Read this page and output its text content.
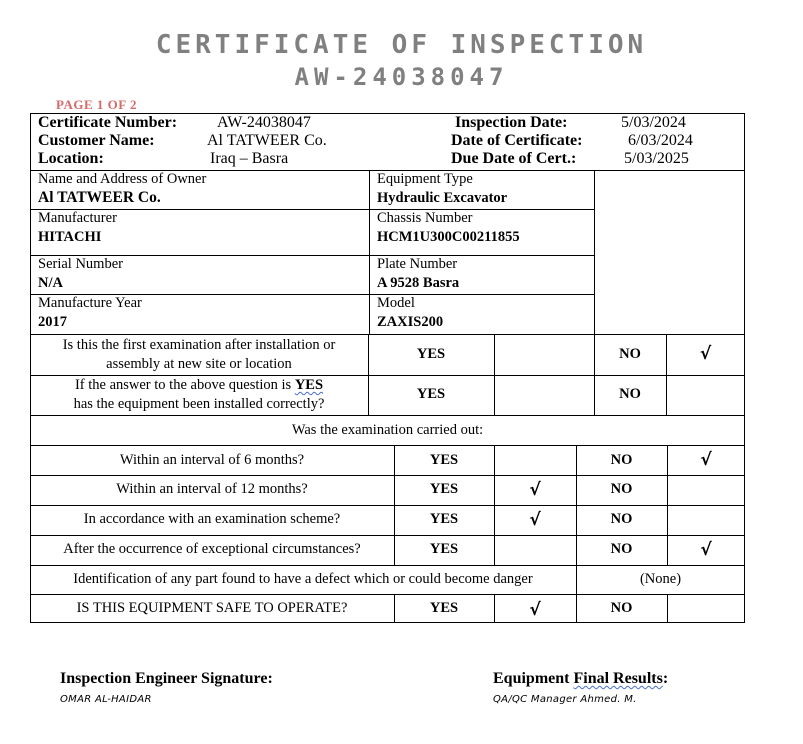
CERTIFICATE OF INSPECTION
AW-24038047
PAGE 1 OF 2
Certificate Number: AW-24038047
Customer Name:	Al TATWEER Co.
Location:	Iraq – Basra
Inspection Date:	5/03/2024
Date of Certificate:	6/03/2024
Due Date of Cert.:	5/03/2025
Name and Address of Owner
Al TATWEER Co.
Equipment Type
Hydraulic Excavator
Manufacturer
HITACHI
Chassis Number
HCM1U300C00211855
Serial Number
N/A
Plate Number
A 9528 Basra
Manufacture Year
2017
Model
ZAXIS200
Is this the first examination after installation or
assembly at new site or location
YES	NO	√
If the answer to the above question is YES
has the equipment been installed correctly?
YES	NO
Was the examination carried out:
Within an interval of 6 months?	YES	NO	√
Within an interval of 12 months?	YES	√	NO
In accordance with an examination scheme?	YES	√	NO
After the occurrence of exceptional circumstances?	YES	NO	√
Identification of any part found to have a defect which or could become danger	(None)
IS THIS EQUIPMENT SAFE TO OPERATE?	YES	√	NO
Inspection Engineer Signature:
OMAR AL-HAIDAR
Equipment Final Results:
QA/QC Manager Ahmed. M.
